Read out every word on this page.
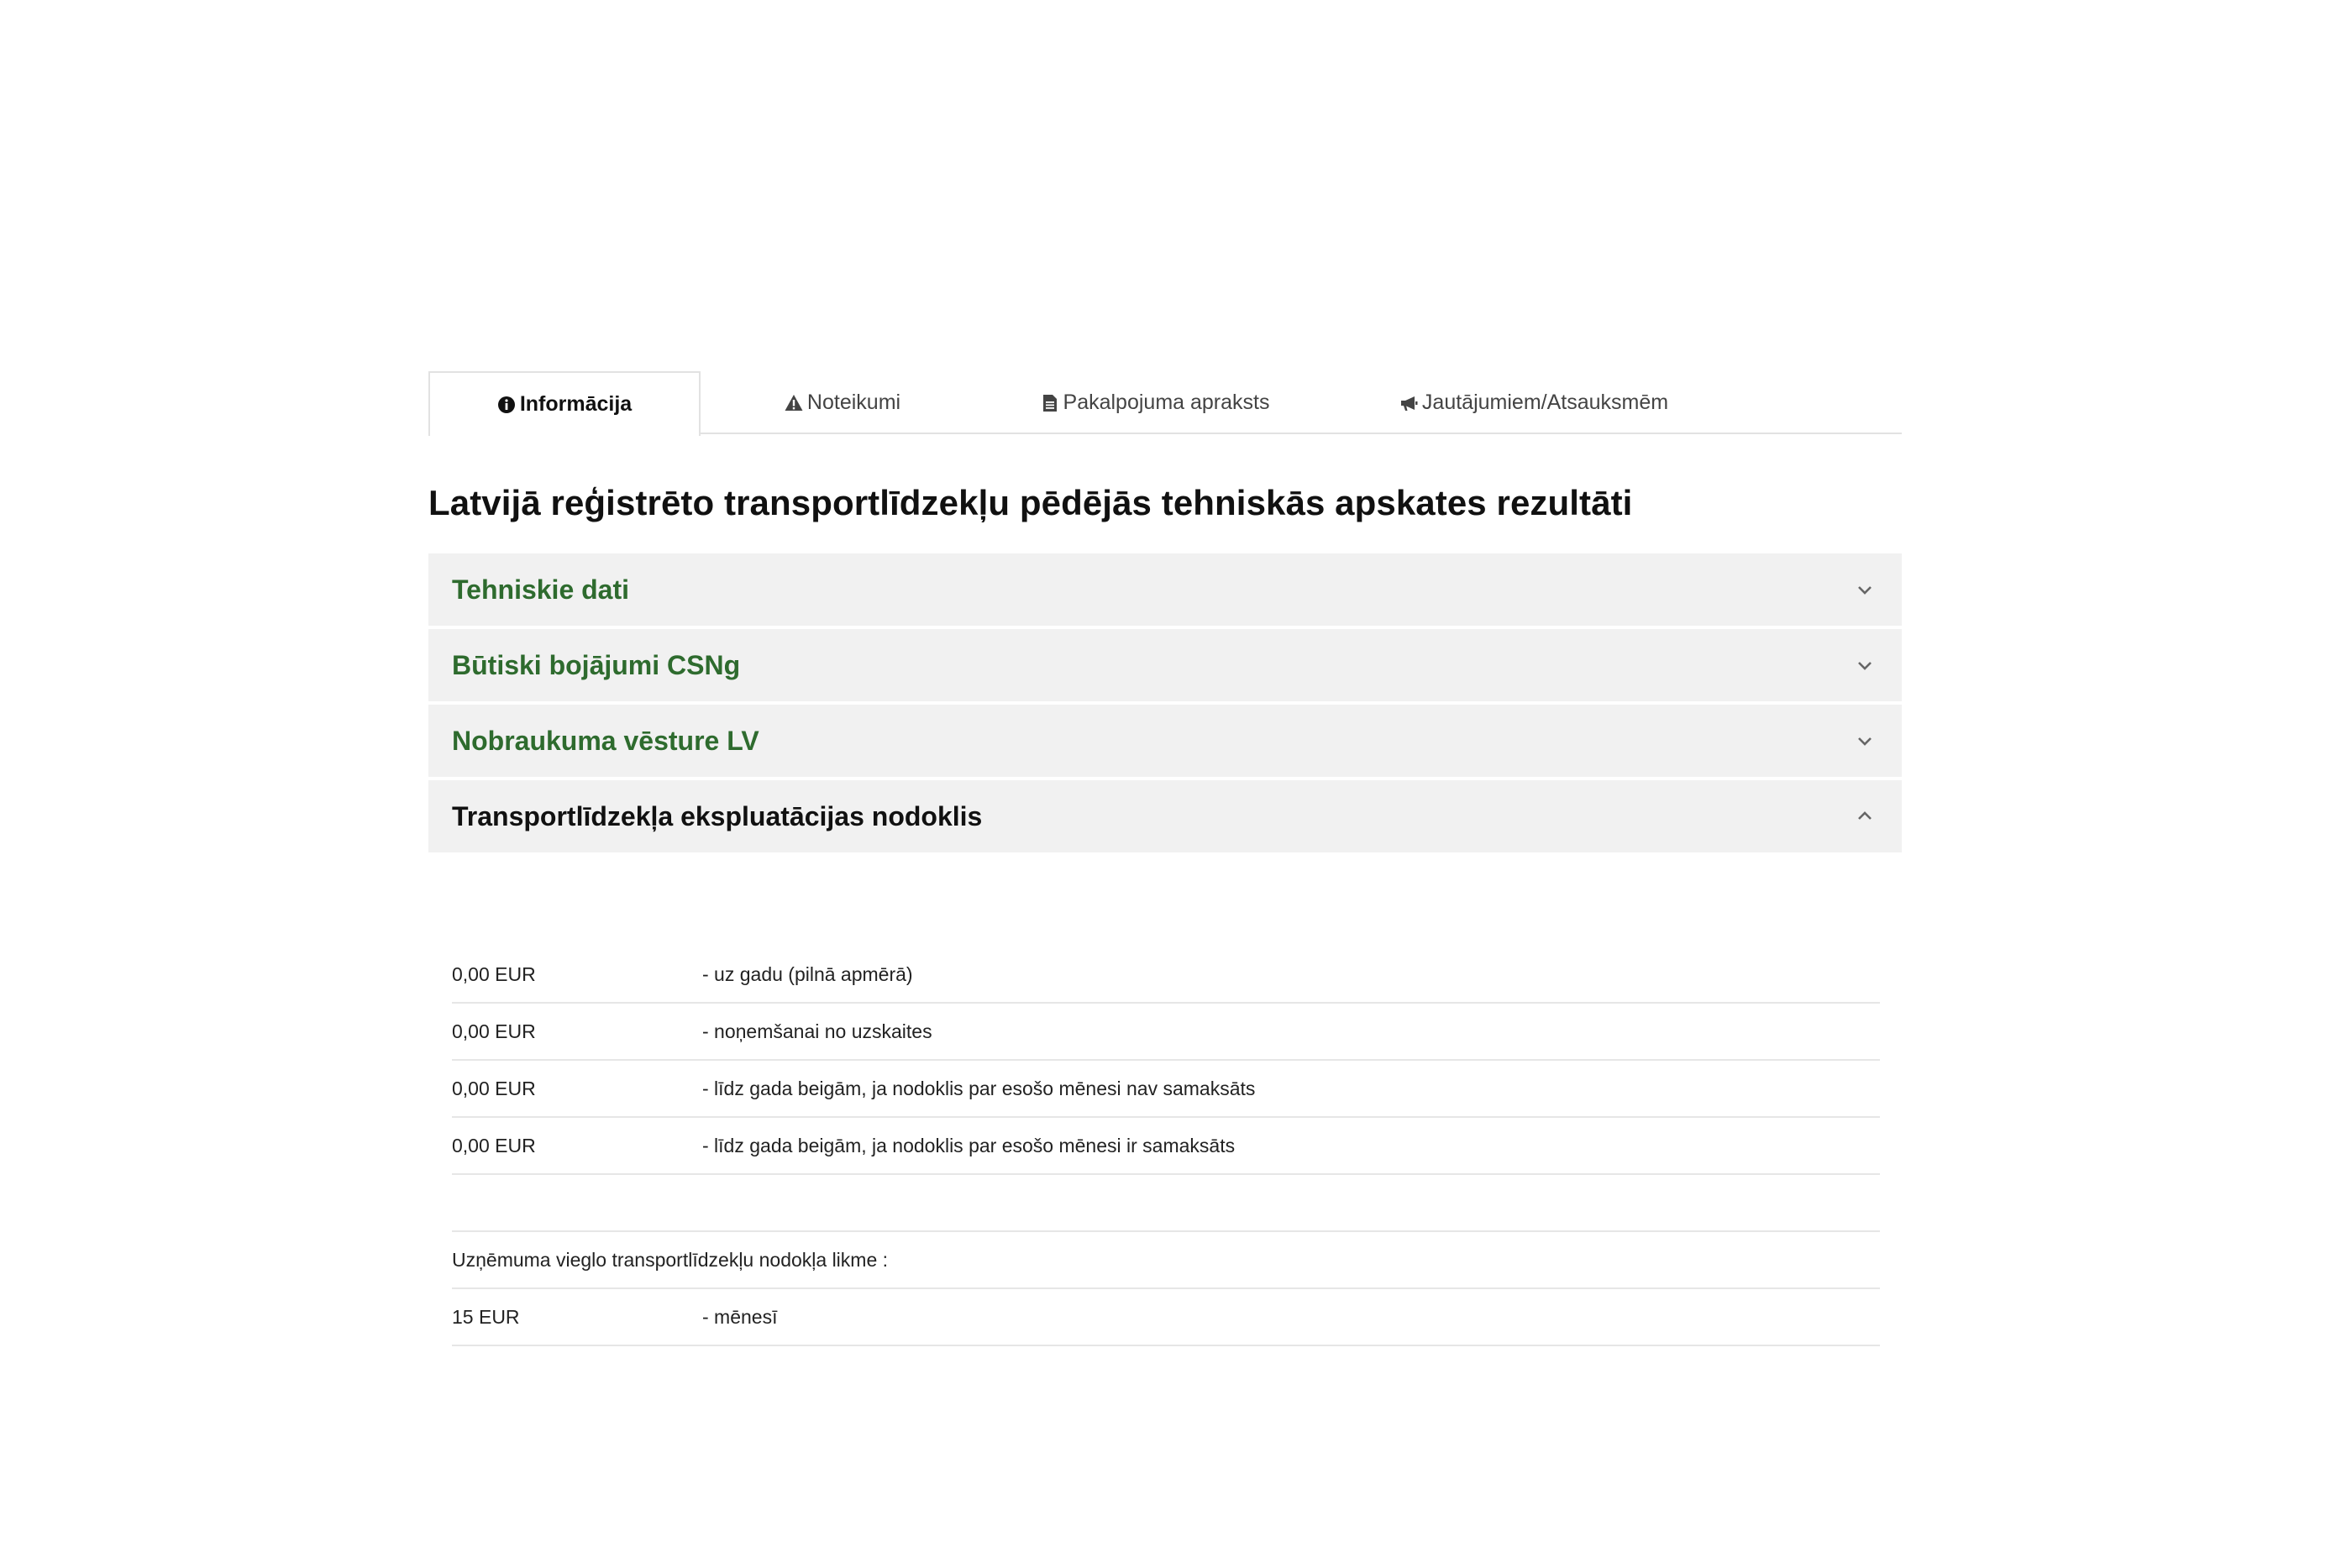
Informācija	Noteikumi	Pakalpojuma apraksts	Jautājumiem/Atsauksmēm
Latvijā reģistrēto transportlīdzekļu pēdējās tehniskās apskates rezultāti
Tehniskie dati
Būtiski bojājumi CSNg
Nobraukuma vēsture LV
Transportlīdzekļa ekspluatācijas nodoklis
0,00 EUR	- uz gadu (pilnā apmērā)
0,00 EUR	- noņemšanai no uzskaites
0,00 EUR	- līdz gada beigām, ja nodoklis par esošo mēnesi nav samaksāts
0,00 EUR	- līdz gada beigām, ja nodoklis par esošo mēnesi ir samaksāts
Uzņēmuma vieglo transportlīdzekļu nodokļa likme :
15 EUR	- mēnesī
